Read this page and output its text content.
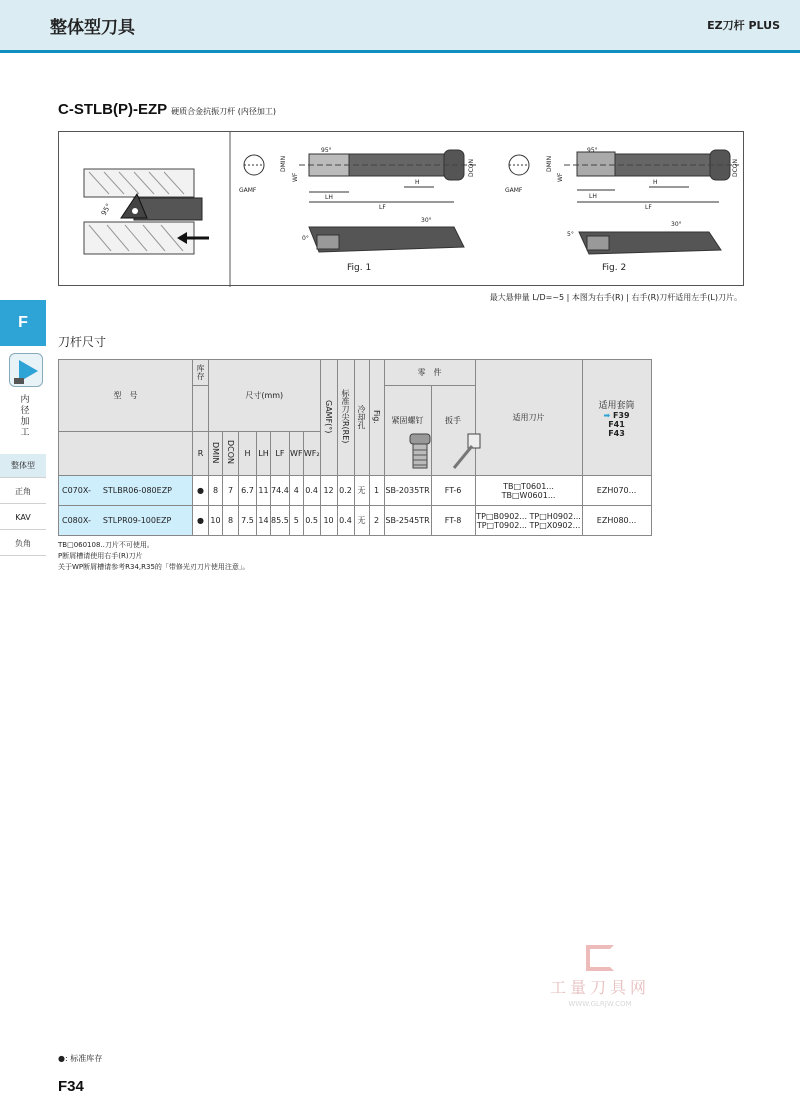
整体型刀具	EZ刀杆 PLUS
C-STLB(P)-EZP 硬质合金抗振刀杆 (内径加工)
95°
GAMF
DMIN
WF
95°
LH
LF
H
DCON
30°
0°
GAMF
DMIN
WF
95°
LH
LF
H
DCON
30°
5°
Fig. 1	Fig. 2
最大悬伸量 L/D=~5 | 本图为右手(R) | 右手(R)刀杆适用左手(L)刀片。
F
内径加工
整体型
正角
KAV
负角
刀杆尺寸
型　号	库存	尺寸(mm)							GAMF(°)	标准刀尖R(RE)	冷却孔	Fig.	零　件		适用刀片	适用套筒
➡ F39
F41
F43

													紧固螺钉	扳手		

	R	DMIN	DCON	H	LH	LF	WF	WF₂								
C070X- STLBR06-080EZP	●	8	7	6.7	11	74.4	4	0.4	12	0.2	无	1	SB-2035TR	FT-6	TB□T0601...
TB□W0601...	EZH070...
C080X- STLPR09-100EZP	●	10	8	7.5	14	85.5	5	0.5	10	0.4	无	2	SB-2545TR	FT-8	TP□B0902... TP□H0902...
TP□T0902... TP□X0902...	EZH080...
TB□060108..刀片不可使用。
P断屑槽请使用右手(R)刀片
关于WP断屑槽请参考R34,R35的「带修光刃刀片使用注意」。
工量刀具网
WWW.GLRJW.COM
●: 标准库存
F34
